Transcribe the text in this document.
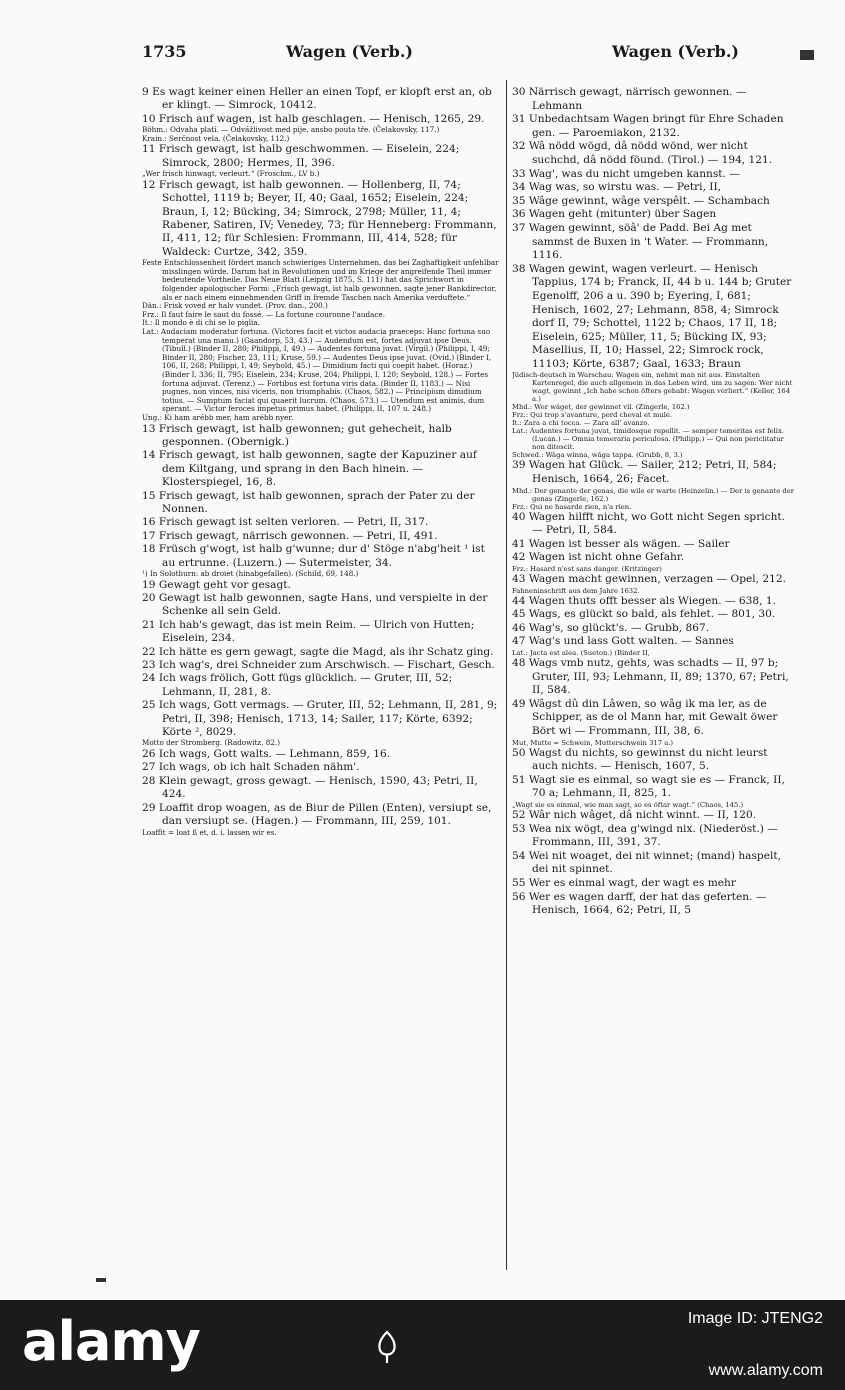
1735	Wagen (Verb.)	Wagen (Verb.)

9 Es wagt keiner einen Heller an einen Topf, er klopft erst an, ob er klingt. — Simrock, 10412.

10 Frisch auf wagen, ist halb geschlagen. — Henisch, 1265, 29.

Böhm.: Odvaha platí. — Odvážlivost med pije, ansbo pouta tře. (Čelakovsky, 117.)

Krain.: Serčnost vela. (Čelakovsky, 112.)

11 Frisch gewagt, ist halb geschwommen. — Eiselein, 224; Simrock, 2800; Hermes, II, 396.

„Wer frisch hinwagt, verleurt.“ (Froschm., LV b.)

12 Frisch gewagt, ist halb gewonnen. — Hollenberg, II, 74; Schottel, 1119 b; Beyer, II, 40; Gaal, 1652; Eiselein, 224; Braun, I, 12; Bücking, 34; Simrock, 2798; Müller, 11, 4; Rabener, Satiren, IV; Venedey, 73; für Henneberg: Frommann, II, 411, 12; für Schlesien: Frommann, III, 414, 528; für Waldeck: Curtze, 342, 359.

Feste Entschlossenheit fördert manch schwieriges Unternehmen, das bei Zaghaftigkeit unfehlbar misslingen würde. Darum hat in Revolutionen und im Kriege der angreifende Theil immer bedeutende Vortheile. Das Neue Blatt (Leipzig 1875, S. 111) hat das Sprichwort in folgender apologischer Form: „Frisch gewagt, ist halb gewonnen, sagte jener Bankdirector, als er nach einem einnehmenden Griff in fremde Taschen nach Amerika verduftete.“

Dän.: Frisk voved er halv vundet. (Prov. dan., 200.)

Frz.: Il faut faire le saut du fossé. — La fortune couronne l'audace.

It.: Il mondo è di chi se lo piglia.

Lat.: Audaciam moderatur fortuna. (Victores facit et victos audacia praeceps: Hanc fortuna suo temperat una manu.) (Gaandorp, 53, 43.) — Audendum est, fortes adjuvat ipse Deus. (Tibull.) (Binder II, 280; Philippi, I, 49.) — Audentes fortuna juvat. (Virgil.) (Philippi, I, 49; Binder II, 280; Fischer, 23, 111; Kruse, 59.) — Audentes Deus ipse juvat. (Ovid.) (Binder I, 106, II, 268; Philippi, I, 49; Seybold, 45.) — Dimidium facti qui coepit habet. (Horaz.) (Binder I, 336; II, 795; Eiselein, 234; Kruse, 204; Philippi, I, 120; Seybold, 128.) — Fortes fortuna adjuvat. (Terenz.) — Fortibus est fortuna viris data. (Binder II, 1183.) — Nisi pugnes, non vinces, nisi viceris, non triumphabis. (Chaos, 582.) — Principium dimidium totius. — Sumptum faciat qui quaerit lucrum. (Chaos, 573.) — Utendum est animis, dum sperant. — Victor feroces impetus primus habet. (Philippi, II, 107 u. 248.)

Ung.: Ki ham arébb mer, ham arébb nyer.

13 Frisch gewagt, ist halb gewonnen; gut gehecheit, halb gesponnen. (Obernigk.)

14 Frisch gewagt, ist halb gewonnen, sagte der Kapuziner auf dem Kiltgang, und sprang in den Bach hinein. — Klosterspiegel, 16, 8.

15 Frisch gewagt, ist halb gewonnen, sprach der Pater zu der Nonnen.

16 Frisch gewagt ist selten verloren. — Petri, II, 317.

17 Frisch gewagt, närrisch gewonnen. — Petri, II, 491.

18 Früsch g'wogt, ist halb g'wunne; dur d' Stöge n'abg'heit ¹ ist au ertrunne. (Luzern.) — Sutermeister, 34.

¹) In Solothurn: ab droiet (hinabgefallen). (Schild, 69, 148.)

19 Gewagt geht vor gesagt.

20 Gewagt ist halb gewonnen, sagte Hans, und verspielte in der Schenke all sein Geld.

21 Ich hab's gewagt, das ist mein Reim. — Ulrich von Hutten; Eiselein, 234.

22 Ich hätte es gern gewagt, sagte die Magd, als ihr Schatz ging.

23 Ich wag's, drei Schneider zum Arschwisch. — Fischart, Gesch.

24 Ich wags frölich, Gott fügs glücklich. — Gruter, III, 52; Lehmann, II, 281, 8.

25 Ich wags, Gott vermags. — Gruter, III, 52; Lehmann, II, 281, 9; Petri, II, 398; Henisch, 1713, 14; Sailer, 117; Körte, 6392; Körte ², 8029.

Motto der Stromberg. (Radowitz, 82.)

26 Ich wags, Gott walts. — Lehmann, 859, 16.

27 Ich wags, ob ich halt Schaden nähm'.

28 Klein gewagt, gross gewagt. — Henisch, 1590, 43; Petri, II, 424.

29 Loaffit drop woagen, as de Biur de Pillen (Enten), versiupt se, dan versiupt se. (Hagen.) — Frommann, III, 259, 101.

Loaffit = loat ß et, d. i. lassen wir es.

30 Närrisch gewagt, närrisch gewonnen. — Lehmann

31 Unbedachtsam Wagen bringt für Ehre Schaden gen. — Paroemiakon, 2132.

32 Wâ nödd wögd, dâ nödd wönd, wer nicht suchchd, dâ nödd föund. (Tirol.) — 194, 121.

33 Wag', was du nicht umgeben kannst. —

34 Wag was, so wirstu was. — Petri, II,

35 Wâge gewinnt, wâge verspêlt. — Schambach

36 Wagen geht (mitunter) über Sagen

37 Wagen gewinnt, söâ' de Padd. Bei Ag met sammst de Buxen in 't Water. — Frommann, 1116.

38 Wagen gewint, wagen verleurt. — Henisch Tappius, 174 b; Franck, II, 44 b u. 144 b; Gruter Egenolff, 206 a u. 390 b; Eyering, I, 681; Henisch, 1602, 27; Lehmann, 858, 4; Simrock dorf II, 79; Schottel, 1122 b; Chaos, 17 II, 18; Eiselein, 625; Müller, 11, 5; Bücking IX, 93; Masellius, II, 10; Hassel, 22; Simrock rock, 11103; Körte, 6387; Gaal, 1633; Braun

Jüdisch-deutsch in Warschau: Wagen ein, nehmt man nit aus. Einstalten Kartenregel, die auch allgemein in das Leben wird, um zu sagen: Wer nicht wagt, gewinnt „Ich habe schon öfters gehabt: Wagen verliert.“ (Keller, 164 a.)

Mhd.: Wer wâget, der gewinnet vil. (Zingerle, 162.)

Frz.: Qui trop s'avanture, perd cheval et mule.

It.: Zara a chi tocca. — Zara all' avanzo.

Lat.: Audentes fortuna juvat, timidosque repellit. — semper temeritas est felix. (Lucan.) — Omnia temeraria periculosa. (Philipp.) — Qui non periclitatur non ditescit.

Schwed.: Wâga winna, wâga tappa. (Grubb, 8, 3.)

39 Wagen hat Glück. — Sailer, 212; Petri, II, 584; Henisch, 1664, 26; Facet.

Mhd.: Der genante der genas, die wile er warte (Heinzelin.) — Der is genante der genas (Zingerle, 162.)

Frz.: Qui ne hasarde rien, n'a rien.

40 Wagen hilfft nicht, wo Gott nicht Segen spricht. — Petri, II, 584.

41 Wagen ist besser als wägen. — Sailer

42 Wagen ist nicht ohne Gefahr.

Frz.: Hasard n'est sans danger. (Kritzinger)

43 Wagen macht gewinnen, verzagen — Opel, 212.

Fahneninschrift aus dem Jahre 1632.

44 Wagen thuts offt besser als Wiegen. — 638, 1.

45 Wags, es glückt so bald, als fehlet. — 801, 30.

46 Wag's, so glückt's. — Grubb, 867.

47 Wag's und lass Gott walten. — Sannes

Lat.: Jacta est alea. (Sueton.) (Binder II,

48 Wags vmb nutz, gehts, was schadts — II, 97 b; Gruter, III, 93; Lehmann, II, 89; 1370, 67; Petri, II, 584.

49 Wâgst dû din Lâwen, so wâg ik ma ler, as de Schipper, as de ol Mann har, mit Gewalt öwer Bört wi — Frommann, III, 38, 6.

Mut, Mutte = Schwein, Mutterschwein 317 a.)

50 Wagst du nichts, so gewinnst du nicht leurst auch nichts. — Henisch, 1607, 5.

51 Wagt sie es einmal, so wagt sie es — Franck, II, 70 a; Lehmann, II, 825, 1.

„Wagt sie es einmal, wie man sagt, so es öftar wagt.“ (Chaos, 145.)

52 Wâr nich wâget, dâ nicht winnt. — II, 120.

53 Wea nix wögt, dea g'wingd nix. (Niederöst.) — Frommann, III, 391, 37.

54 Wei nit woaget, dei nit winnet; (mand) haspelt, dei nit spinnet.

55 Wer es einmal wagt, der wagt es mehr

56 Wer es wagen darff, der hat das geferten. — Henisch, 1664, 62; Petri, II, 5

alamy	Image ID: JTENG2
www.alamy.com
